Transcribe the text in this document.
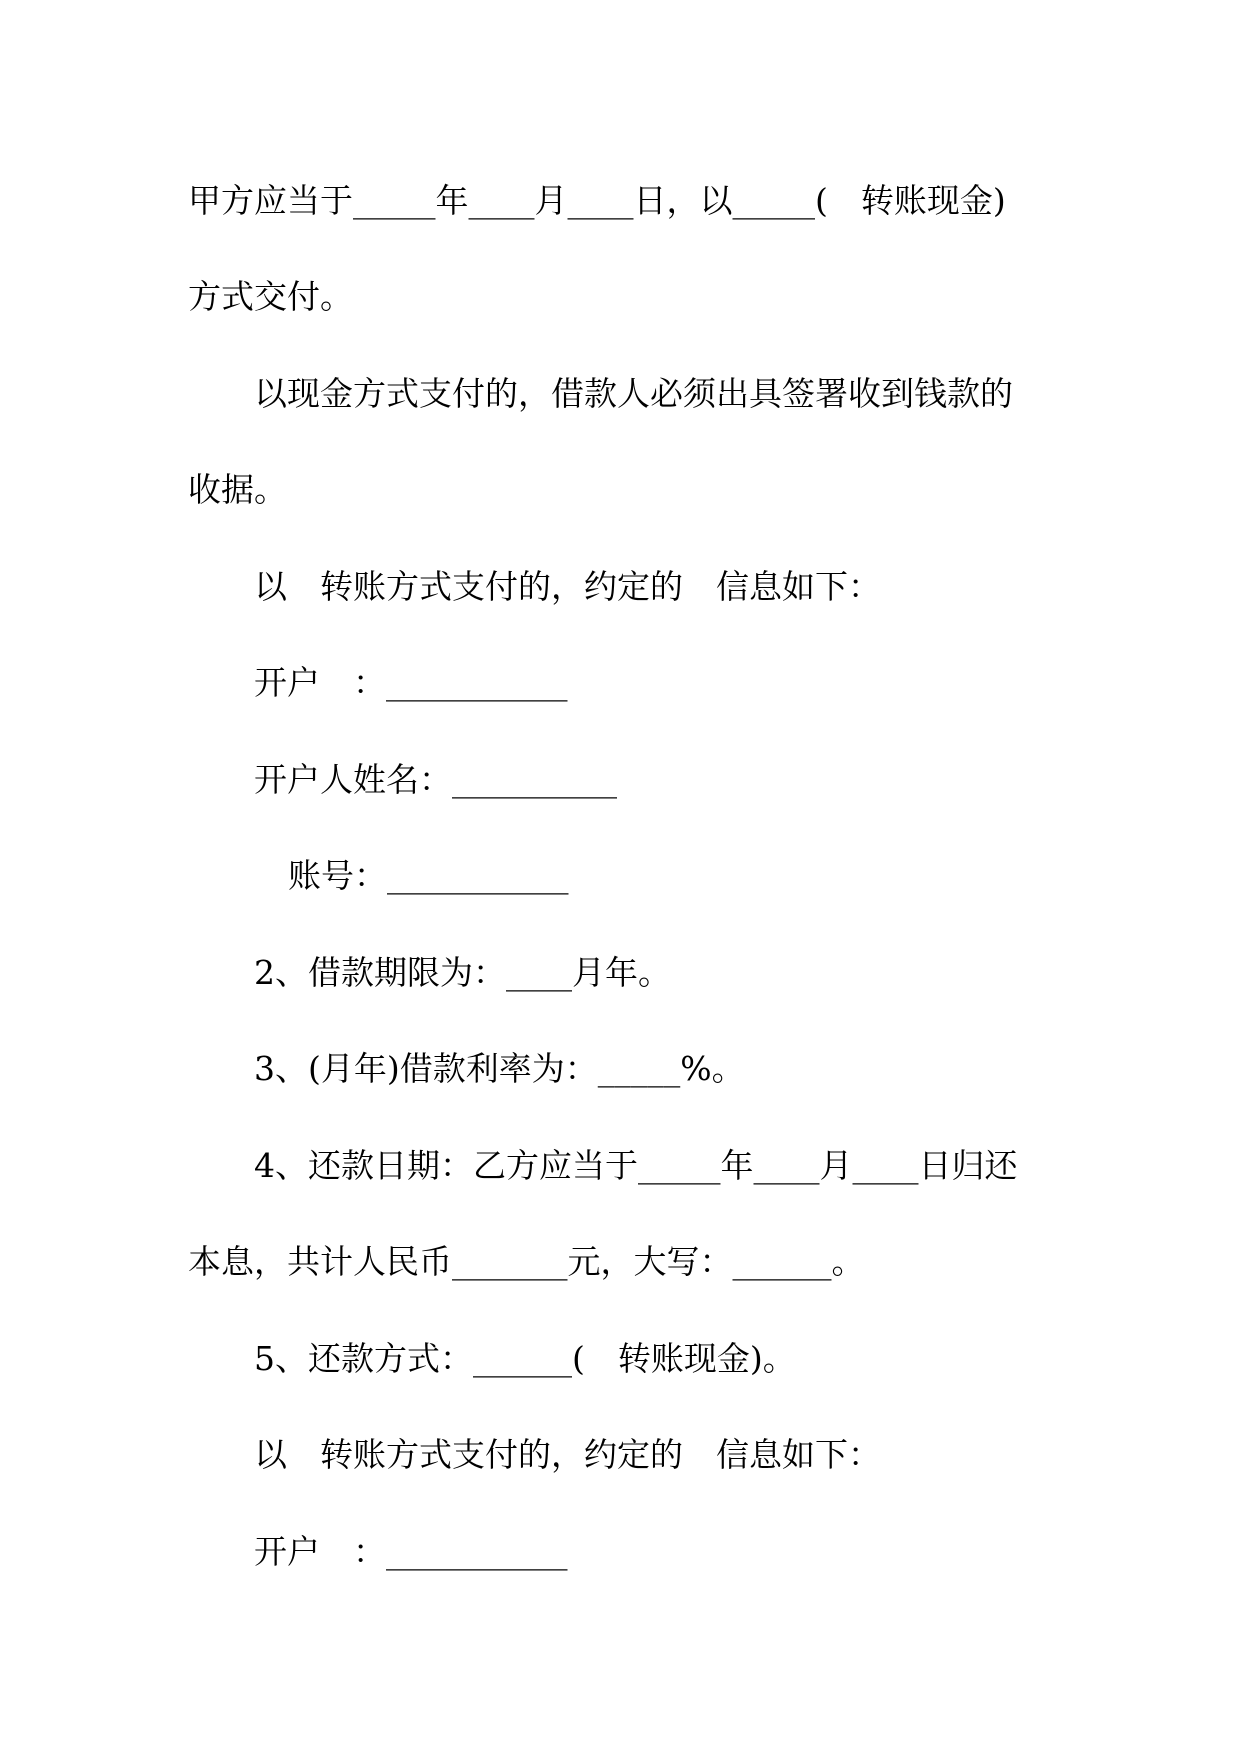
甲方应当于_____年____月____日，以_____(　转账现金)
方式交付。
以现金方式支付的，借款人必须出具签署收到钱款的
收据。
以　转账方式支付的，约定的　信息如下：
开户　：___________
开户人姓名：__________
账号：___________
2、借款期限为：____月年。
3、(月年)借款利率为：_____%。
4、还款日期：乙方应当于_____年____月____日归还
本息，共计人民币_______元，大写：______。
5、还款方式：______(　转账现金)。
以　转账方式支付的，约定的　信息如下：
开户　：___________
